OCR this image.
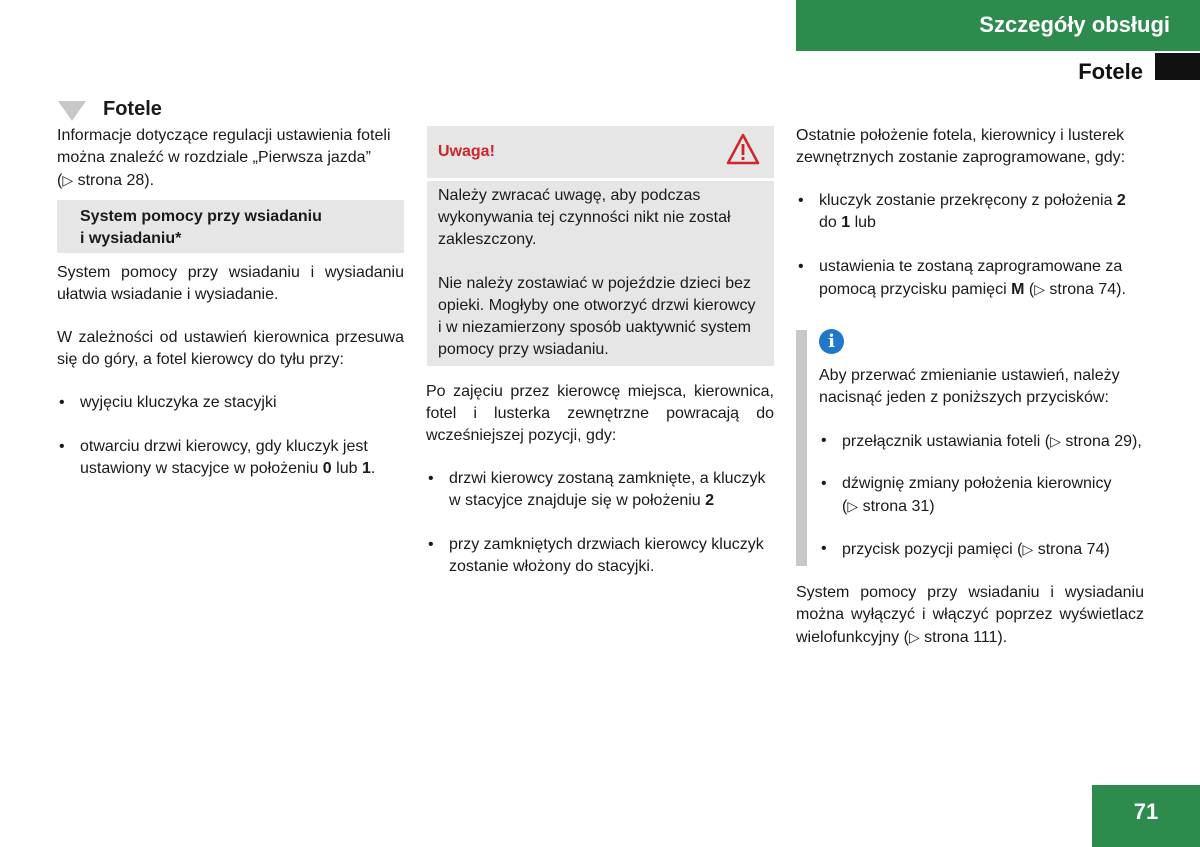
Szczegóły obsługi
Fotele
Fotele

Informacje dotyczące regulacji ustawienia foteli można znaleźć w rozdziale „Pierwsza jazda”
(▷ strona 28).

System pomocy przy wsiadaniu
i wysiadaniu*

System pomocy przy wsiadaniu i wysiadaniu ułatwia wsiadanie i wysiadanie.

W zależności od ustawień kierownica przesuwa się do góry, a fotel kierowcy do tyłu przy:

• wyjęciu kluczyka ze stacyjki
• otwarciu drzwi kierowcy, gdy kluczyk jest ustawiony w stacyjce w położeniu 0 lub 1.
Uwaga!

Należy zwracać uwagę, aby podczas wykonywania tej czynności nikt nie został zakleszczony.

Nie należy zostawiać w pojeździe dzieci bez opieki. Mogłyby one otworzyć drzwi kierowcy i w niezamierzony sposób uaktywnić system pomocy przy wsiadaniu.

Po zajęciu przez kierowcę miejsca, kierownica, fotel i lusterka zewnętrzne powracają do wcześniejszej pozycji, gdy:

• drzwi kierowcy zostaną zamknięte, a kluczyk w stacyjce znajduje się w położeniu 2
• przy zamkniętych drzwiach kierowcy kluczyk zostanie włożony do stacyjki.

Ostatnie położenie fotela, kierownicy i lusterek zewnętrznych zostanie zaprogramowane, gdy:

• kluczyk zostanie przekręcony z położenia 2
do 1 lub
• ustawienia te zostaną zaprogramowane za pomocą przycisku pamięci M (▷ strona 74).
i

Aby przerwać zmienianie ustawień, należy nacisnąć jeden z poniższych przycisków:

• przełącznik ustawiania foteli (▷ strona 29),
• dźwignię zmiany położenia kierownicy
(▷ strona 31)
• przycisk pozycji pamięci (▷ strona 74)

System pomocy przy wsiadaniu i wysiadaniu można wyłączyć i włączyć poprzez wyświetlacz wielofunkcyjny (▷ strona 111).

71
